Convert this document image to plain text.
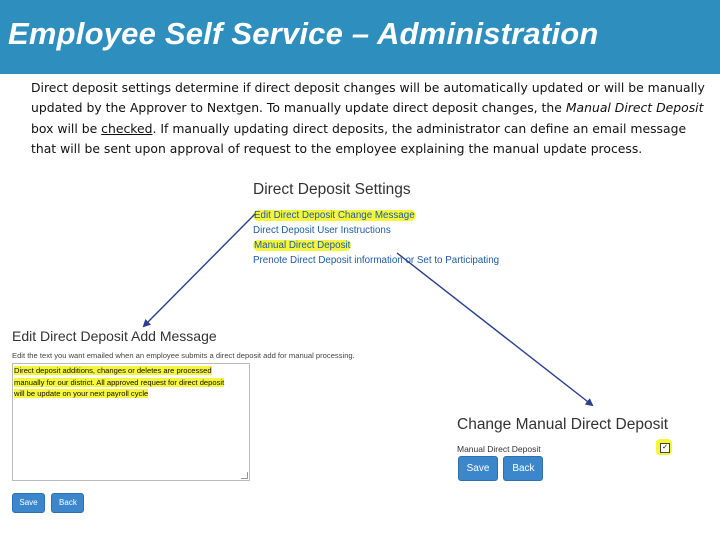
Employee Self Service – Administration
Direct deposit settings determine if direct deposit changes will be automatically updated or will be manually updated by the Approver to Nextgen. To manually update direct deposit changes, the Manual Direct Deposit box will be checked. If manually updating direct deposits, the administrator can define an email message that will be sent upon approval of request to the employee explaining the manual update process.
Direct Deposit Settings
Edit Direct Deposit Change Message
Direct Deposit User Instructions
Manual Direct Deposit
Prenote Direct Deposit information or Set to Participating
Edit Direct Deposit Add Message
Edit the text you want emailed when an employee submits a direct deposit add for manual processing.
Direct deposit additions, changes or deletes are processed
manually for our district. All approved request for direct deposit
will be update on your next payroll cycle
Save	Back
Change Manual Direct Deposit
Manual Direct Deposit	✓
Save Back
